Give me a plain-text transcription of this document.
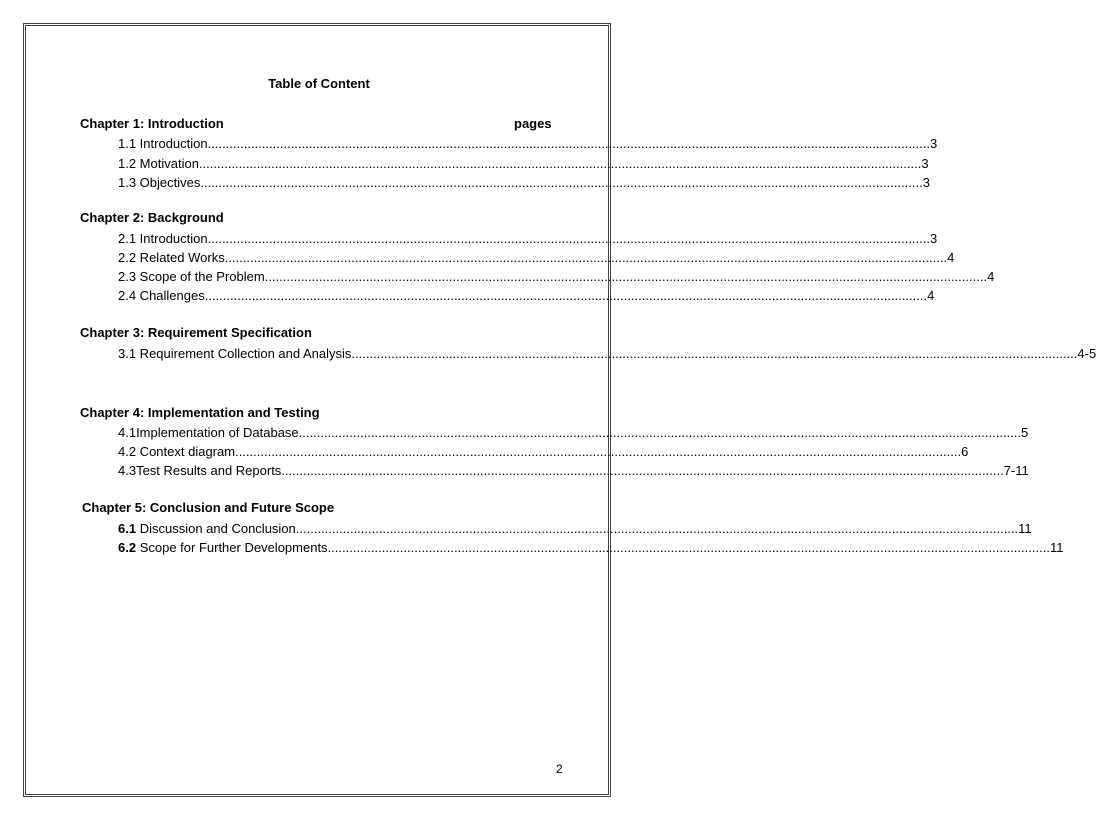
Table of Content
Chapter 1: Introduction	pages
1.1 Introduction ........................................................................................................................................................................................................ 3
1.2 Motivation ........................................................................................................................................................................................................ 3
1.3 Objectives ........................................................................................................................................................................................................ 3
Chapter 2: Background
2.1 Introduction ........................................................................................................................................................................................................ 3
2.2 Related Works ........................................................................................................................................................................................................ 4
2.3 Scope of the Problem ........................................................................................................................................................................................................ 4
2.4 Challenges ........................................................................................................................................................................................................ 4
Chapter 3: Requirement Specification
3.1 Requirement Collection and Analysis ........................................................................................................................................................................................................ .4-5
Chapter 4: Implementation and Testing
4.1Implementation of Database ........................................................................................................................................................................................................ 5
4.2 Context diagram ........................................................................................................................................................................................................ .6
4.3Test Results and Reports ........................................................................................................................................................................................................ 7-11
Chapter 5: Conclusion and Future Scope
6.1 Discussion and Conclusion ........................................................................................................................................................................................................ 11
6.2 Scope for Further Developments ........................................................................................................................................................................................................ 11
2
